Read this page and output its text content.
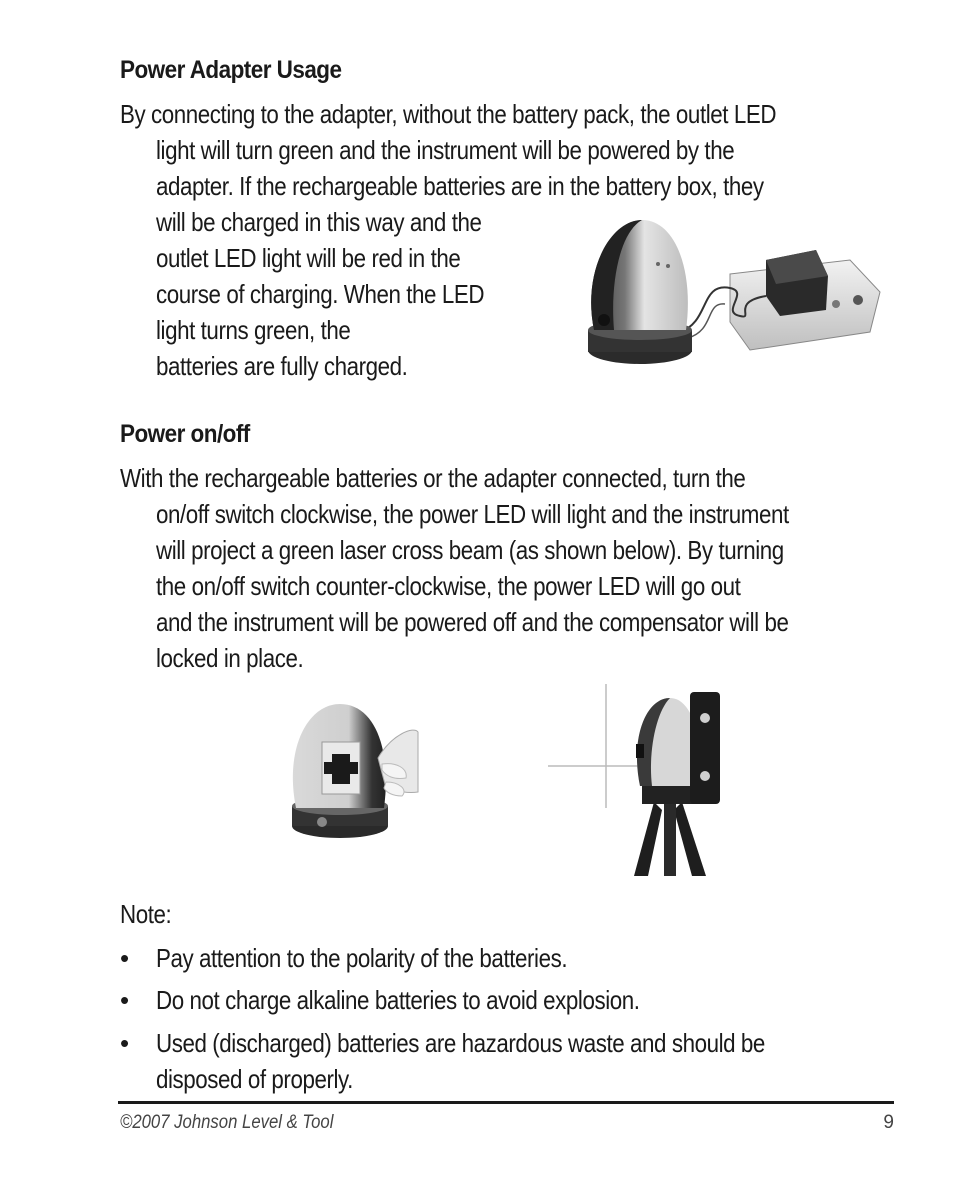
Power Adapter Usage
By connecting to the adapter, without the battery pack, the outlet LED
light will turn green and the instrument will be powered by the
adapter. If the rechargeable batteries are in the battery box, they
will be charged in this way and the
outlet LED light will be red in the
course of charging. When the LED
light turns green, the
batteries are fully charged.
Power on/off
With the rechargeable batteries or the adapter connected, turn the
on/off switch clockwise, the power LED will light and the instrument
will project a green laser cross beam (as shown below). By turning
the on/off switch counter-clockwise, the power LED will go out
and the instrument will be powered off and the compensator will be
locked in place.
Note:
• Pay attention to the polarity of the batteries.
• Do not charge alkaline batteries to avoid explosion.
• Used (discharged) batteries are hazardous waste and should be
disposed of properly.
©2007 Johnson Level & Tool	9
